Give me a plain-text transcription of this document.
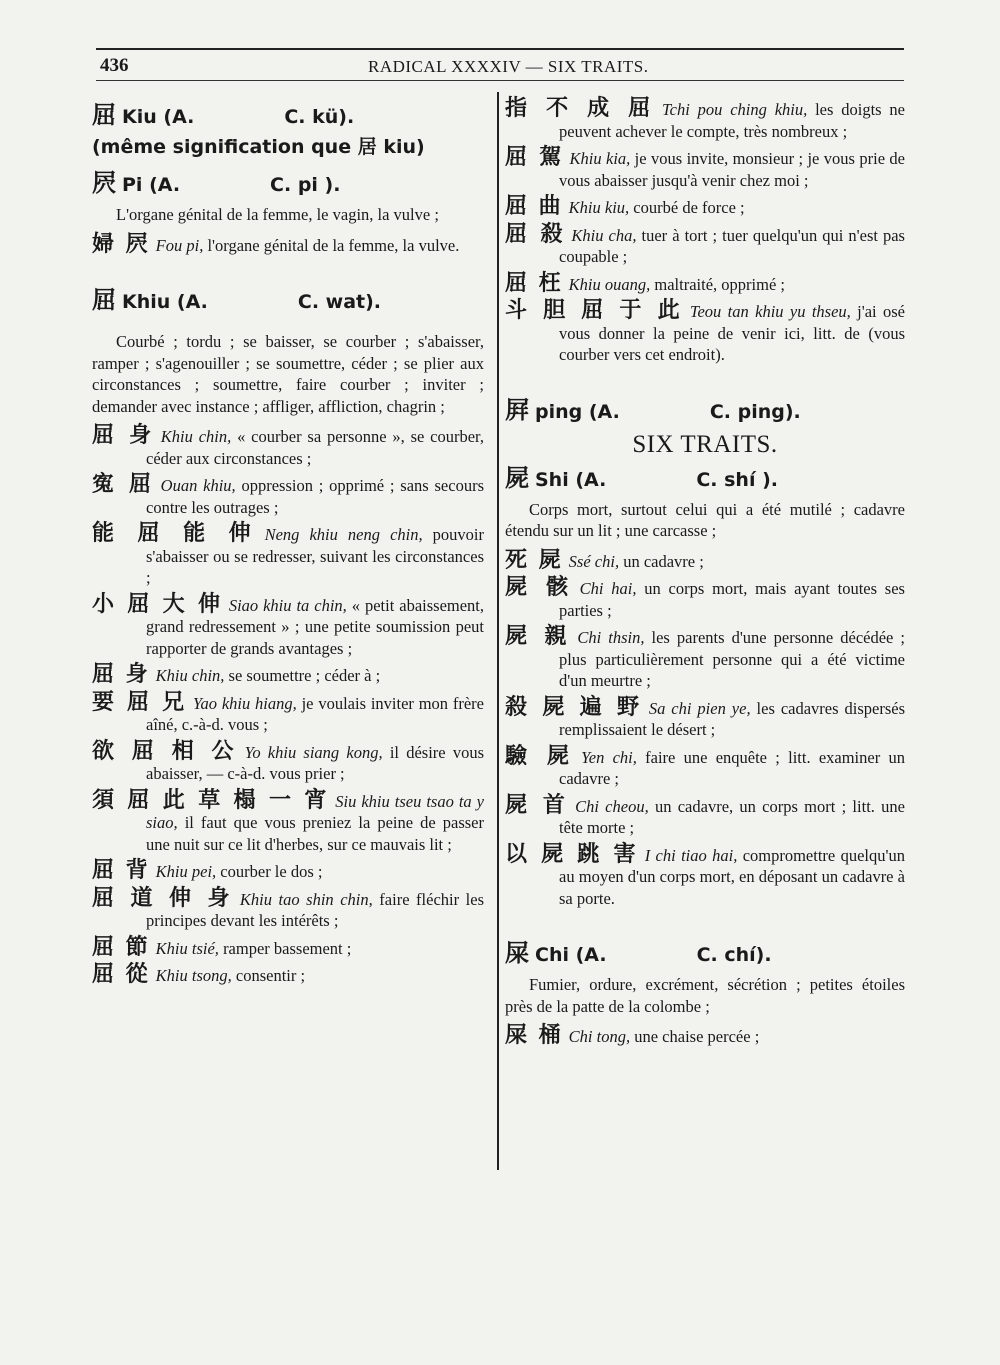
436	RADICAL XXXXIV — SIX TRAITS.
屈 Kiu (A.	C. kü).
(même signification que 居 kiu)
屄 Pi (A.	C. pi ).

L'organe génital de la femme, le vagin, la vulve ;

婦 屄 Fou pi, l'organe génital de la femme, la vulve.

屈 Khiu (A.	C. wat).

Courbé ; tordu ; se baisser, se courber ; s'abaisser, ramper ; s'agenouiller ; se soumettre, céder ; se plier aux circonstances ; soumettre, faire courber ; inviter ; demander avec instance ; affliger, affliction, chagrin ;

屈 身 Khiu chin, « courber sa personne », se courber, céder aux circonstances ;

寃 屈 Ouan khiu, oppression ; opprimé ; sans secours contre les outrages ;

能 屈 能 伸 Neng khiu neng chin, pouvoir s'abaisser ou se redresser, suivant les circonstances ;

小 屈 大 伸 Siao khiu ta chin, « petit abaissement, grand redressement » ; une petite soumission peut rapporter de grands avantages ;

屈 身 Khiu chin, se soumettre ; céder à ;

要 屈 兄 Yao khiu hiang, je voulais inviter mon frère aîné, c.-à-d. vous ;

欲 屈 相 公 Yo khiu siang kong, il désire vous abaisser, — c-à-d. vous prier ;

須 屈 此 草 榻 一 宵 Siu khiu tseu tsao ta y siao, il faut que vous preniez la peine de passer une nuit sur ce lit d'herbes, sur ce mauvais lit ;

屈 背 Khiu pei, courber le dos ;

屈 道 伸 身 Khiu tao shin chin, faire fléchir les principes devant les intérêts ;

屈 節 Khiu tsié, ramper bassement ;

屈 從 Khiu tsong, consentir ;

指 不 成 屈 Tchi pou ching khiu, les doigts ne peuvent achever le compte, très nombreux ;

屈 駕 Khiu kia, je vous invite, monsieur ; je vous prie de vous abaisser jusqu'à venir chez moi ;

屈 曲 Khiu kiu, courbé de force ;

屈 殺 Khiu cha, tuer à tort ; tuer quelqu'un qui n'est pas coupable ;

屈 枉 Khiu ouang, maltraité, opprimé ;

斗 胆 屈 于 此 Teou tan khiu yu thseu, j'ai osé vous donner la peine de venir ici, litt. de (vous courber vers cet endroit).

屛 ping (A.	C. ping).
SIX TRAITS.
屍 Shi (A.	C. shí ).

Corps mort, surtout celui qui a été mutilé ; cadavre étendu sur un lit ; une carcasse ;

死 屍 Ssé chi, un cadavre ;

屍 骸 Chi hai, un corps mort, mais ayant toutes ses parties ;

屍 親 Chi thsin, les parents d'une personne décédée ; plus particulièrement personne qui a été victime d'un meurtre ;

殺 屍 遍 野 Sa chi pien ye, les cadavres dispersés remplissaient le désert ;

驗 屍 Yen chi, faire une enquête ; litt. examiner un cadavre ;

屍 首 Chi cheou, un cadavre, un corps mort ; litt. une tête morte ;

以 屍 跳 害 I chi tiao hai, compromettre quelqu'un au moyen d'un corps mort, en déposant un cadavre à sa porte.

屎 Chi (A.	C. chí).

Fumier, ordure, excrément, sécrétion ; petites étoiles près de la patte de la colombe ;

屎 桶 Chi tong, une chaise percée ;
